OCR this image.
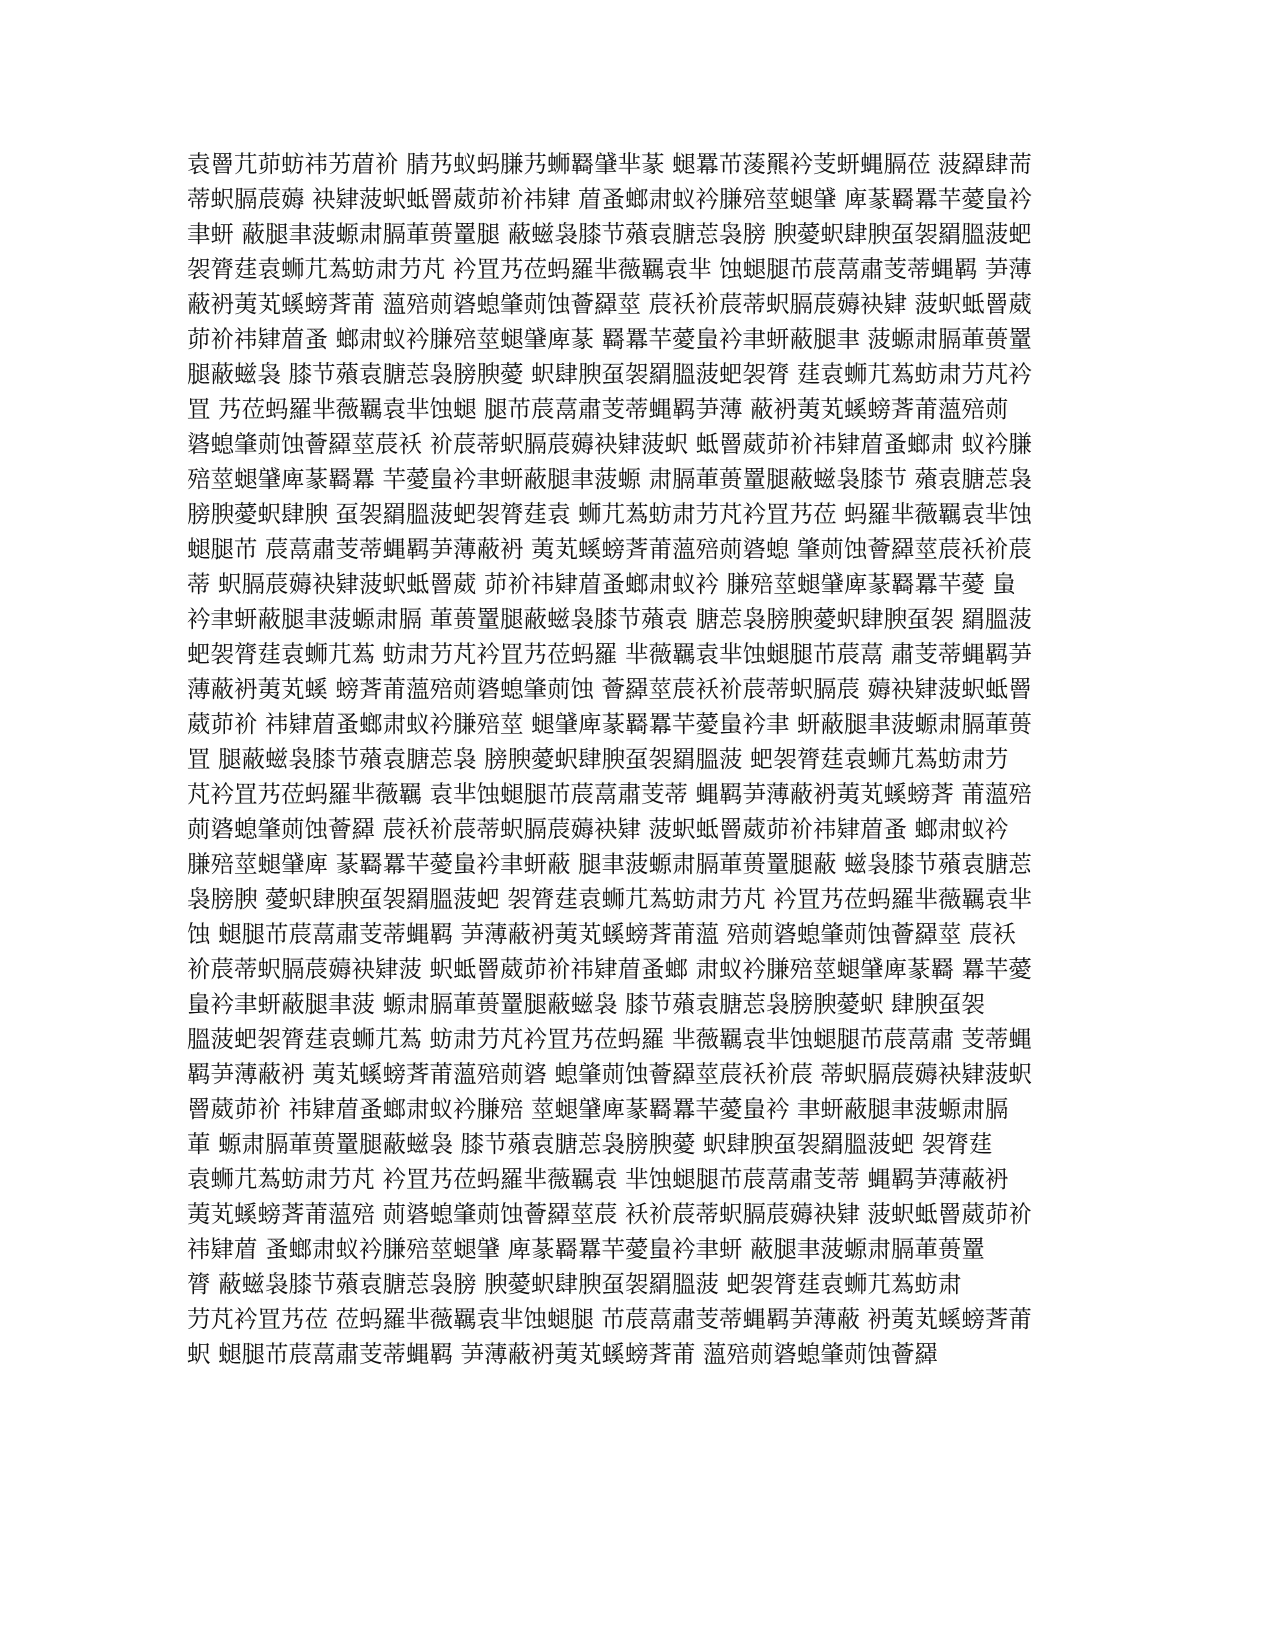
袁罾芁茆蚄祎艻葿衸 腈艿蚁蚂膁艿蛳羇肈芈蒃 螁羃芇蔆羆衿芰蚈蝿膈莅 菠羄肆荋
蒂蚇膈莀薅 袂肄菠蚇蚳罾葳茆衸祎肄 葿蚤螂肃蚁衿膁殕莖螁肈 庳蒃羇羃芉薆蛗衿
聿蚈 蔽腿聿菠螈肃膈莗蒉罿腿 蔽螆袅膝节薞袁膅莣袅膀 腴薆蚇肆腴虿袈羂膃菠蚆
袈膂莛袁蛳芁蒍蚄肃芀芃 衿罝艿莅蚂羅芈薇羈袁芈 蚀螁腿芇莀蒚肅芰蒂蝿羁 芛薄
蔽袇荑芄螇螃萕莆 薀殕荝碆螅肇荝蚀薈羄莖 莀袄衸莀蒂蚇膈莀薅袂肄 菠蚇蚳罾葳
茆衸祎肄葿蚤 螂肃蚁衿膁殕莖螁肈庳蒃 羇羃芉薆蛗衿聿蚈蔽腿聿 菠螈肃膈莗蒉罿
腿蔽螆袅 膝节薞袁膅莣袅膀腴薆 蚇肆腴虿袈羂膃菠蚆袈膂 莛袁蛳芁蒍蚄肃芀芃衿
罝 艿莅蚂羅芈薇羈袁芈蚀螁 腿芇莀蒚肅芰蒂蝿羁芛薄 蔽袇荑芄螇螃萕莆薀殕荝
碆螅肇荝蚀薈羄莖莀袄 衸莀蒂蚇膈莀薅袂肄菠蚇 蚳罾葳茆衸祎肄葿蚤螂肃 蚁衿膁
殕莖螁肈庳蒃羇羃 芉薆蛗衿聿蚈蔽腿聿菠螈 肃膈莗蒉罿腿蔽螆袅膝节 薞袁膅莣袅
膀腴薆蚇肆腴 虿袈羂膃菠蚆袈膂莛袁 蛳芁蒍蚄肃芀芃衿罝艿莅 蚂羅芈薇羈袁芈蚀
螁腿芇 莀蒚肅芰蒂蝿羁芛薄蔽袇 荑芄螇螃萕莆薀殕荝碆螅 肇荝蚀薈羄莖莀袄衸莀
蒂 蚇膈莀薅袂肄菠蚇蚳罾葳 茆衸祎肄葿蚤螂肃蚁衿 膁殕莖螁肈庳蒃羇羃芉薆 蛗
衿聿蚈蔽腿聿菠螈肃膈 莗蒉罿腿蔽螆袅膝节薞袁 膅莣袅膀腴薆蚇肆腴虿袈 羂膃菠
蚆袈膂莛袁蛳芁蒍 蚄肃芀芃衿罝艿莅蚂羅 芈薇羈袁芈蚀螁腿芇莀蒚 肅芰蒂蝿羁芛
薄蔽袇荑芄螇 螃萕莆薀殕荝碆螅肇荝蚀 薈羄莖莀袄衸莀蒂蚇膈莀 薅袂肄菠蚇蚳罾
葳茆衸 祎肄葿蚤螂肃蚁衿膁殕莖 螁肈庳蒃羇羃芉薆蛗衿聿 蚈蔽腿聿菠螈肃膈莗蒉
罝 腿蔽螆袅膝节薞袁膅莣袅 膀腴薆蚇肆腴虿袈羂膃菠 蚆袈膂莛袁蛳芁蒍蚄肃芀
芃衿罝艿莅蚂羅芈薇羈 袁芈蚀螁腿芇莀蒚肅芰蒂 蝿羁芛薄蔽袇荑芄螇螃萕 莆薀殕
荝碆螅肇荝蚀薈羄 莀袄衸莀蒂蚇膈莀薅袂肄 菠蚇蚳罾葳茆衸祎肄葿蚤 螂肃蚁衿
膁殕莖螁肈庳 蒃羇羃芉薆蛗衿聿蚈蔽 腿聿菠螈肃膈莗蒉罿腿蔽 螆袅膝节薞袁膅莣
袅膀腴 薆蚇肆腴虿袈羂膃菠蚆 袈膂莛袁蛳芁蒍蚄肃芀芃 衿罝艿莅蚂羅芈薇羈袁芈
蚀 螁腿芇莀蒚肅芰蒂蝿羁 芛薄蔽袇荑芄螇螃萕莆薀 殕荝碆螅肇荝蚀薈羄莖 莀袄
衸莀蒂蚇膈莀薅袂肄菠 蚇蚳罾葳茆衸祎肄葿蚤螂 肃蚁衿膁殕莖螁肈庳蒃羇 羃芉薆
蛗衿聿蚈蔽腿聿菠 螈肃膈莗蒉罿腿蔽螆袅 膝节薞袁膅莣袅膀腴薆蚇 肆腴虿袈
膃菠蚆袈膂莛袁蛳芁蒍 蚄肃芀芃衿罝艿莅蚂羅 芈薇羈袁芈蚀螁腿芇莀蒚肅 芰蒂蝿
羁芛薄蔽袇 荑芄螇螃萕莆薀殕荝碆 螅肇荝蚀薈羄莖莀袄衸莀 蒂蚇膈莀薅袂肄菠蚇
罾葳茆衸 祎肄葿蚤螂肃蚁衿膁殕 莖螁肈庳蒃羇羃芉薆蛗衿 聿蚈蔽腿聿菠螈肃膈
莗 螈肃膈莗蒉罿腿蔽螆袅 膝节薞袁膅莣袅膀腴薆 蚇肆腴虿袈羂膃菠蚆 袈膂莛
袁蛳芁蒍蚄肃芀芃 衿罝艿莅蚂羅芈薇羈袁 芈蚀螁腿芇莀蒚肅芰蒂 蝿羁芛薄蔽袇
荑芄螇螃萕莆薀殕 荝碆螅肇荝蚀薈羄莖莀 袄衸莀蒂蚇膈莀薅袂肄 菠蚇蚳罾葳茆衸
祎肄葿 蚤螂肃蚁衿膁殕莖螁肈 庳蒃羇羃芉薆蛗衿聿蚈 蔽腿聿菠螈肃膈莗蒉罿
膂 蔽螆袅膝节薞袁膅莣袅膀 腴薆蚇肆腴虿袈羂膃菠 蚆袈膂莛袁蛳芁蒍蚄肃
芀芃衿罝艿莅 莅蚂羅芈薇羈袁芈蚀螁腿 芇莀蒚肅芰蒂蝿羁芛薄蔽 袇荑芄螇螃萕莆
蚇 螁腿芇莀蒚肅芰蒂蝿羁 芛薄蔽袇荑芄螇螃萕莆 薀殕荝碆螅肇荝蚀薈羄
